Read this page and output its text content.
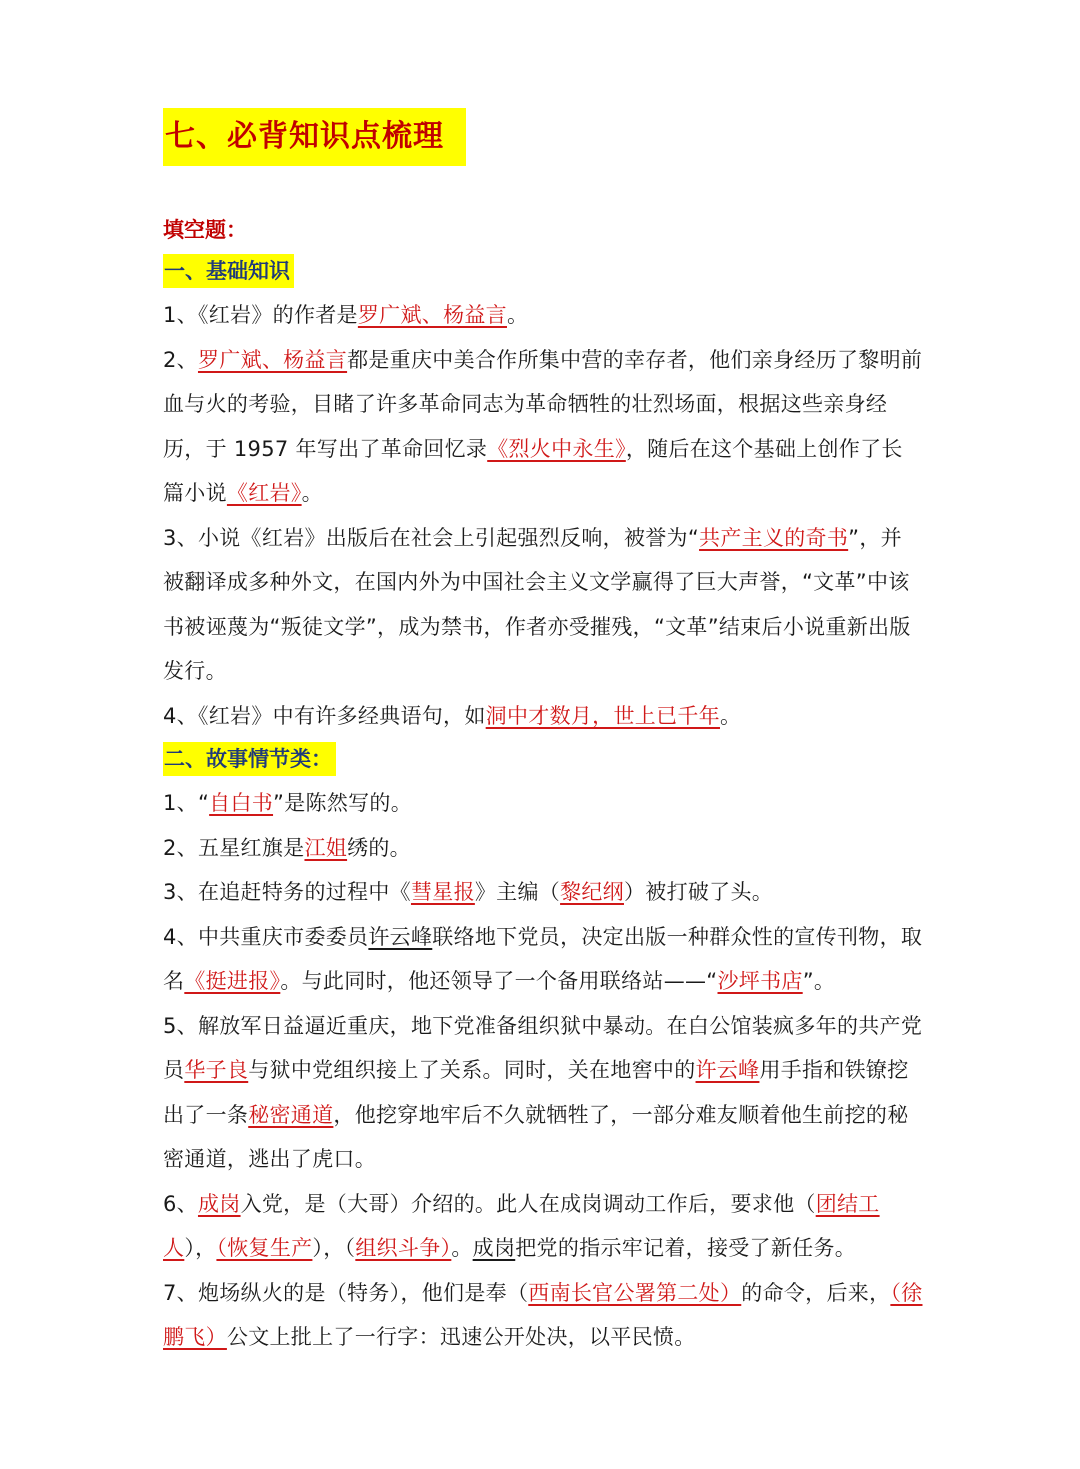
七、必背知识点梳理
填空题：
一、基础知识

1、《红岩》的作者是罗广斌、杨益言。

2、罗广斌、杨益言都是重庆中美合作所集中营的幸存者，他们亲身经历了黎明前血与火的考验，目睹了许多革命同志为革命牺牲的壮烈场面，根据这些亲身经历，于 1957 年写出了革命回忆录《烈火中永生》，随后在这个基础上创作了长篇小说《红岩》。

3、小说《红岩》出版后在社会上引起强烈反响，被誉为“共产主义的奇书”，并被翻译成多种外文，在国内外为中国社会主义文学赢得了巨大声誉，“文革”中该书被诬蔑为“叛徒文学”，成为禁书，作者亦受摧残，“文革”结束后小说重新出版发行。

4、《红岩》中有许多经典语句，如洞中才数月，世上已千年。

二、故事情节类：

1、“自白书”是陈然写的。

2、五星红旗是江姐绣的。

3、在追赶特务的过程中《彗星报》主编（黎纪纲）被打破了头。

4、中共重庆市委委员许云峰联络地下党员，决定出版一种群众性的宣传刊物，取名《挺进报》。与此同时，他还领导了一个备用联络站——“沙坪书店”。

5、解放军日益逼近重庆，地下党准备组织狱中暴动。在白公馆装疯多年的共产党员华子良与狱中党组织接上了关系。同时，关在地窖中的许云峰用手指和铁镣挖出了一条秘密通道，他挖穿地牢后不久就牺牲了，一部分难友顺着他生前挖的秘密通道，逃出了虎口。

6、成岗入党，是（大哥）介绍的。此人在成岗调动工作后，要求他（团结工人），（恢复生产），（组织斗争）。成岗把党的指示牢记着，接受了新任务。

7、炮场纵火的是（特务），他们是奉（西南长官公署第二处）的命令，后来，（徐鹏飞）公文上批上了一行字：迅速公开处决，以平民愤。
